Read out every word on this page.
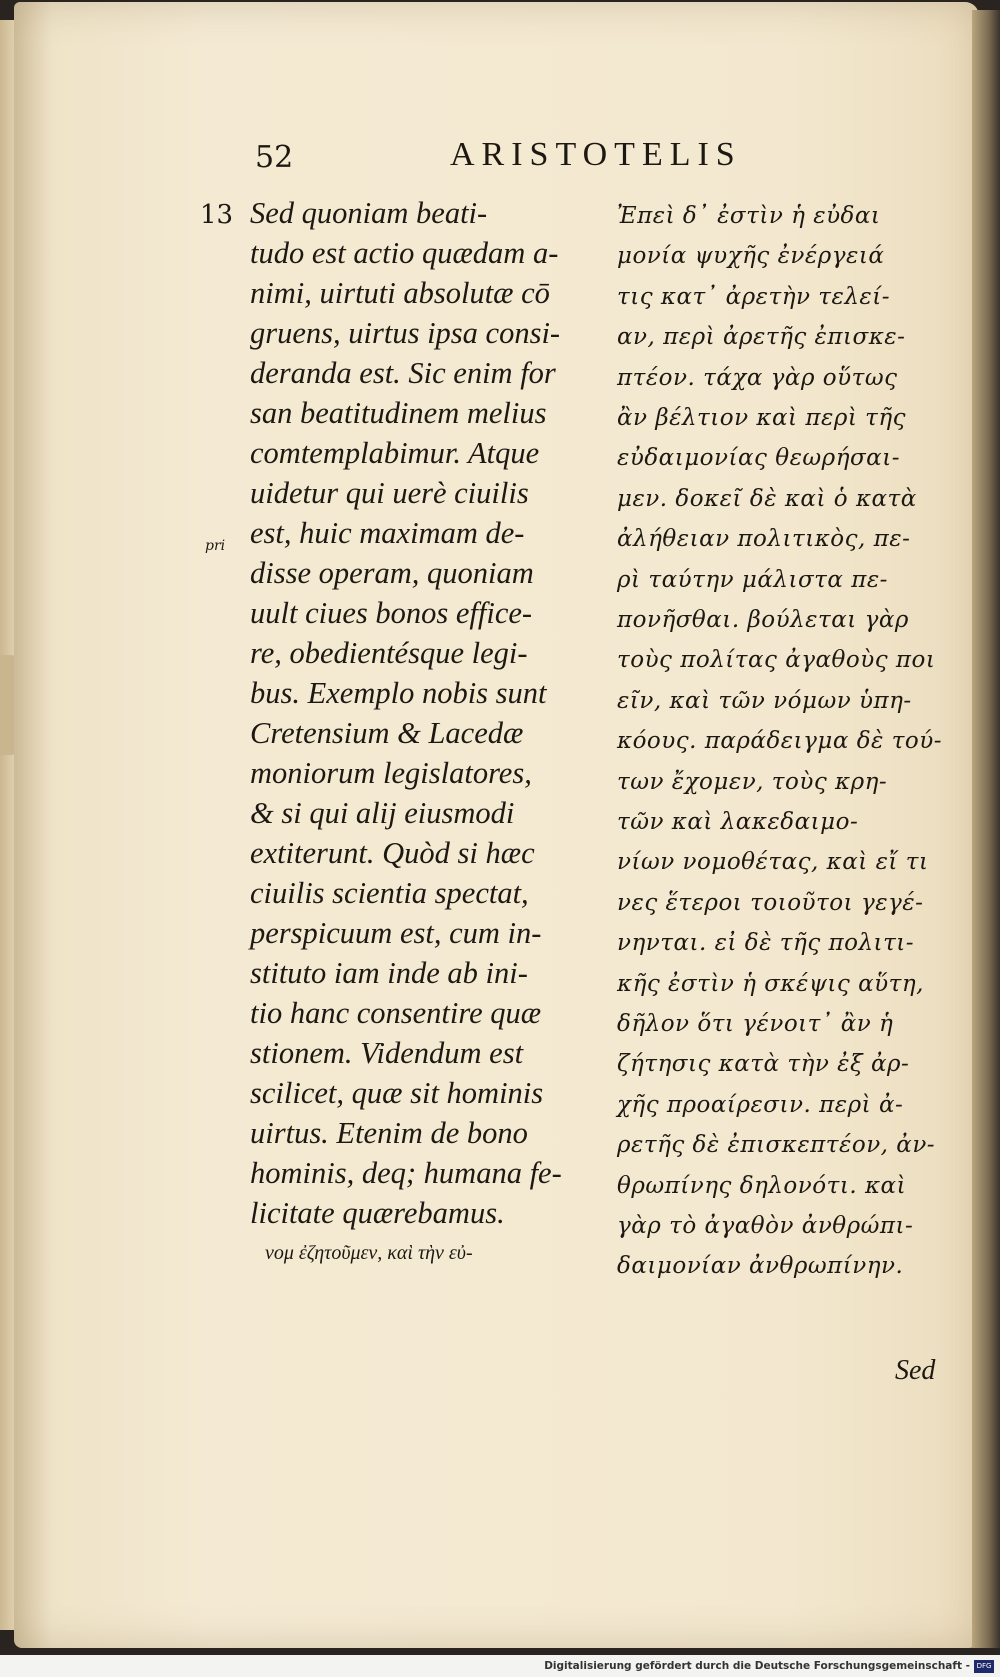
52	ARISTOTELIS
13
pri
Sed quoniam beati-
tudo est actio quædam a-
nimi, uirtuti absolutæ cō
gruens, uirtus ipsa consi-
deranda est. Sic enim for
san beatitudinem melius
comtemplabimur. Atque
uidetur qui uerè ciuilis
est, huic maximam de-
disse operam, quoniam
uult ciues bonos effice-
re, obedientésque legi-
bus. Exemplo nobis sunt
Cretensium & Lacedæ
moniorum legislatores,
& si qui alij eiusmodi
extiterunt. Quòd si hæc
ciuilis scientia spectat,
perspicuum est, cum in-
stituto iam inde ab ini-
tio hanc consentire quæ
stionem. Videndum est
scilicet, quæ sit hominis
uirtus. Etenim de bono
hominis, deq; humana fe-
licitate quærebamus.
νομ ἐζητοῦμεν, καὶ τὴν εὐ-
Ἐπεὶ δ᾽ ἐστὶν ἡ εὐδαι
μονία ψυχῆς ἐνέργειά
τις κατ᾽ ἀρετὴν τελεί-
αν, περὶ ἀρετῆς ἐπισκε-
πτέον. τάχα γὰρ οὕτως
ἂν βέλτιον καὶ περὶ τῆς
εὐδαιμονίας θεωρήσαι-
μεν. δοκεῖ δὲ καὶ ὁ κατὰ
ἀλήθειαν πολιτικὸς, πε-
ρὶ ταύτην μάλιστα πε-
πονῆσθαι. βούλεται γὰρ
τοὺς πολίτας ἀγαθοὺς ποι
εῖν, καὶ τῶν νόμων ὑπη-
κόους. παράδειγμα δὲ τού-
των ἔχομεν, τοὺς κρη-
τῶν καὶ λακεδαιμο-
νίων νομοθέτας, καὶ εἴ τι
νες ἕτεροι τοιοῦτοι γεγέ-
νηνται. εἰ δὲ τῆς πολιτι-
κῆς ἐστὶν ἡ σκέψις αὕτη,
δῆλον ὅτι γένοιτ᾽ ἂν ἡ
ζήτησις κατὰ τὴν ἐξ ἀρ-
χῆς προαίρεσιν. περὶ ἀ-
ρετῆς δὲ ἐπισκεπτέον, ἀν-
θρωπίνης δηλονότι. καὶ
γὰρ τὸ ἀγαθὸν ἀνθρώπι-
δαιμονίαν ἀνθρωπίνην.
Sed
Digitalisierung gefördert durch die Deutsche Forschungsgemeinschaft - DFG
